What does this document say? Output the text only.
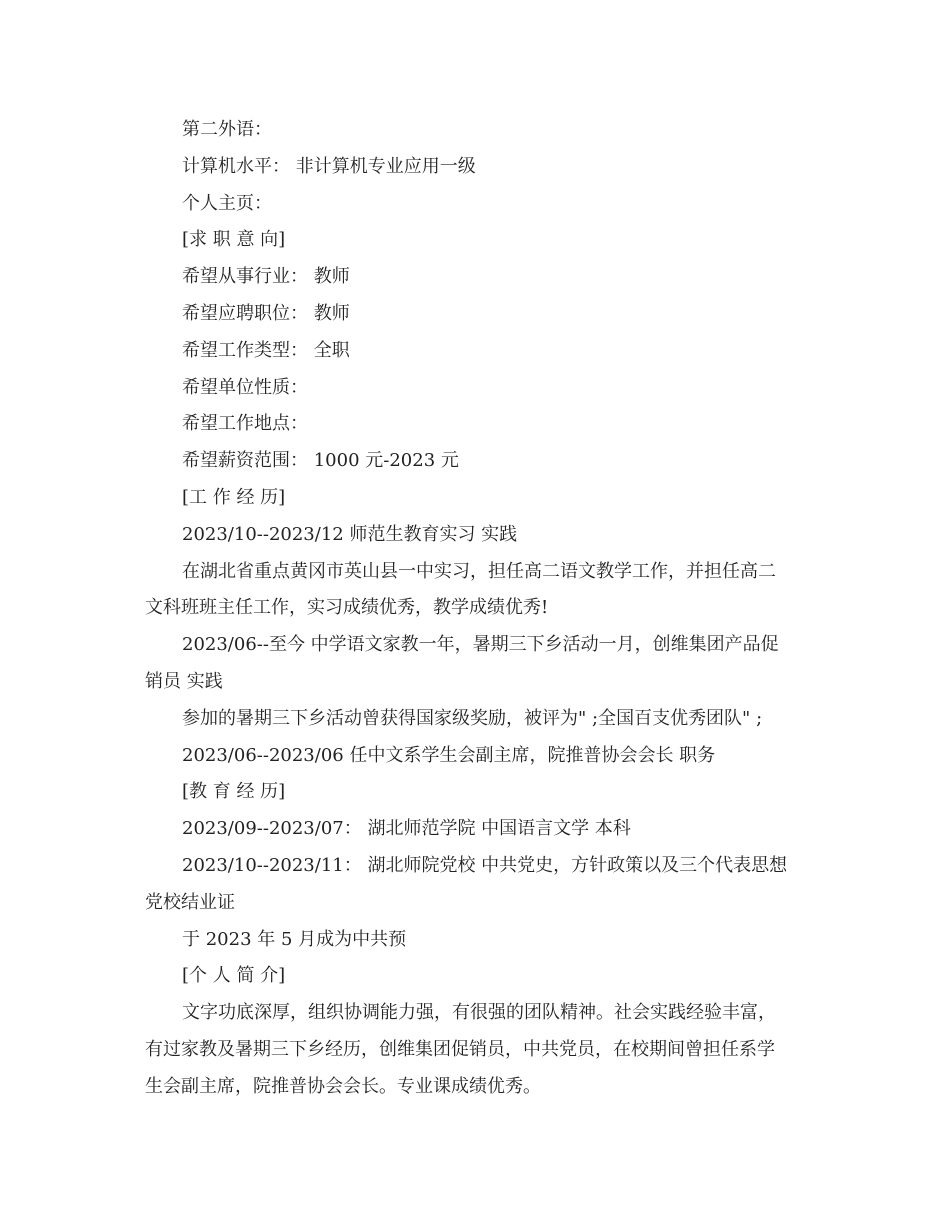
第二外语：

计算机水平： 非计算机专业应用一级

个人主页：

[求 职 意 向]

希望从事行业： 教师

希望应聘职位： 教师

希望工作类型： 全职

希望单位性质：

希望工作地点：

希望薪资范围： 1000 元-2023 元

[工 作 经 历]

2023/10--2023/12 师范生教育实习 实践

在湖北省重点黄冈市英山县一中实习，担任高二语文教学工作，并担任高二

文科班班主任工作，实习成绩优秀，教学成绩优秀!

2023/06--至今 中学语文家教一年，暑期三下乡活动一月，创维集团产品促

销员 实践

参加的暑期三下乡活动曾获得国家级奖励，被评为" ;全国百支优秀团队" ;

2023/06--2023/06 任中文系学生会副主席，院推普协会会长 职务

[教 育 经 历]

2023/09--2023/07： 湖北师范学院 中国语言文学 本科

2023/10--2023/11： 湖北师院党校 中共党史，方针政策以及三个代表思想

党校结业证

于 2023 年 5 月成为中共预

[个 人 简 介]

文字功底深厚，组织协调能力强，有很强的团队精神。社会实践经验丰富，

有过家教及暑期三下乡经历，创维集团促销员，中共党员，在校期间曾担任系学

生会副主席，院推普协会会长。专业课成绩优秀。
